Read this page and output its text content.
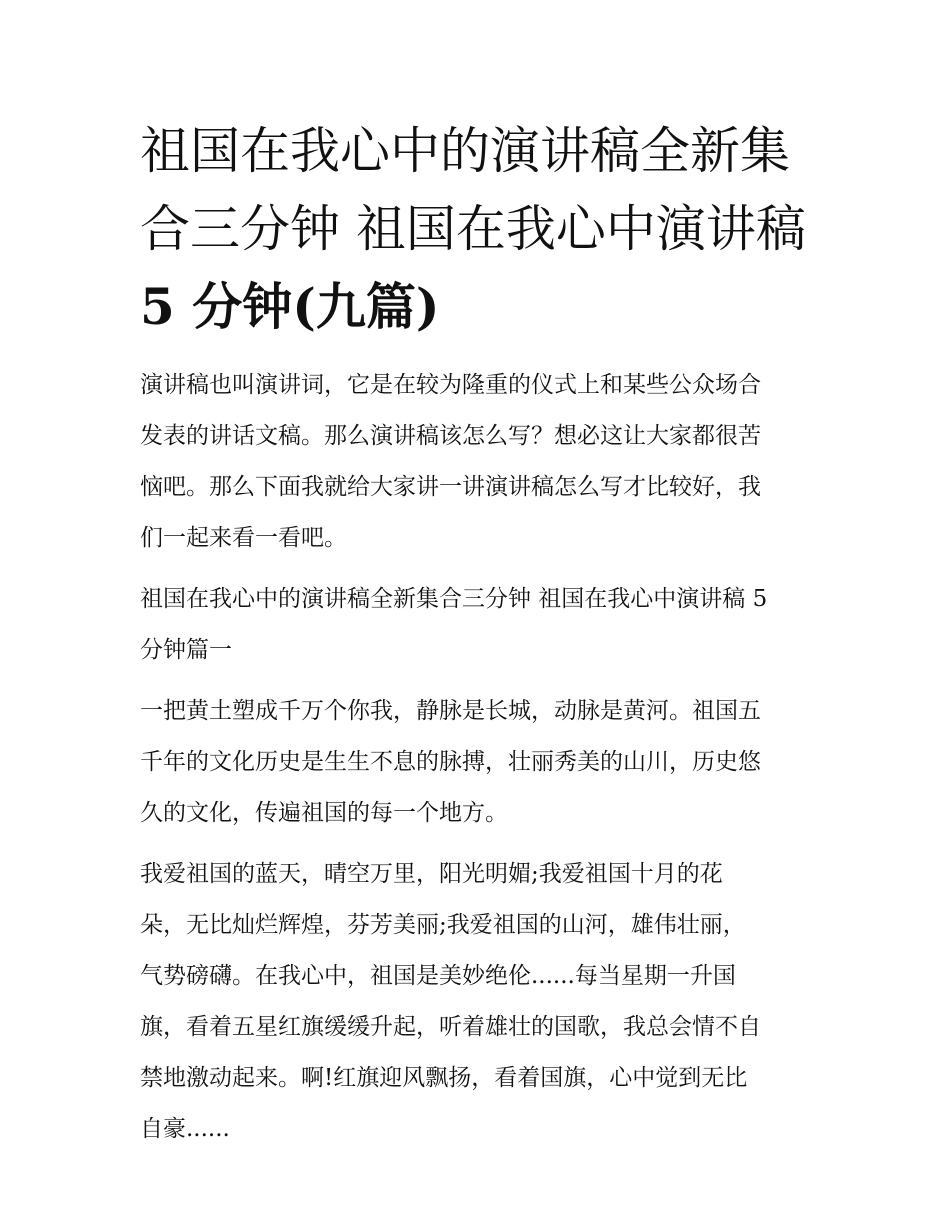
祖国在我心中的演讲稿全新集
合三分钟 祖国在我心中演讲稿
5 分钟(九篇)

演讲稿也叫演讲词，它是在较为隆重的仪式上和某些公众场合
发表的讲话文稿。那么演讲稿该怎么写？想必这让大家都很苦
恼吧。那么下面我就给大家讲一讲演讲稿怎么写才比较好，我
们一起来看一看吧。

祖国在我心中的演讲稿全新集合三分钟 祖国在我心中演讲稿 5
分钟篇一

一把黄土塑成千万个你我，静脉是长城，动脉是黄河。祖国五
千年的文化历史是生生不息的脉搏，壮丽秀美的山川，历史悠
久的文化，传遍祖国的每一个地方。

我爱祖国的蓝天，晴空万里，阳光明媚;我爱祖国十月的花
朵，无比灿烂辉煌，芬芳美丽;我爱祖国的山河，雄伟壮丽，
气势磅礴。在我心中，祖国是美妙绝伦......每当星期一升国
旗，看着五星红旗缓缓升起，听着雄壮的国歌，我总会情不自
禁地激动起来。啊!红旗迎风飘扬，看着国旗，心中觉到无比
自豪......
